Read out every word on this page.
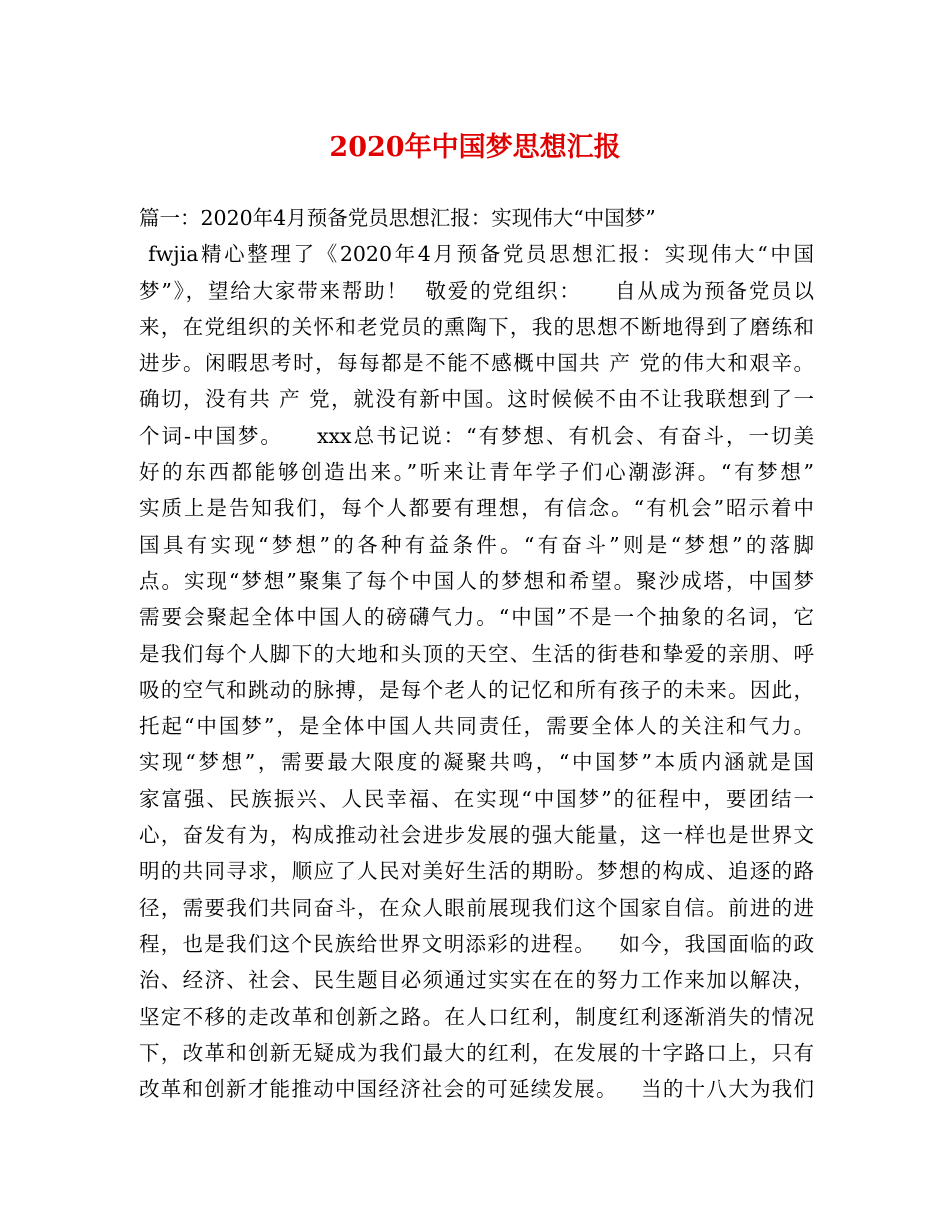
2020年中国梦思想汇报
篇一：2020年4月预备党员思想汇报：实现伟大“中国梦”
fwjia精心整理了《2020年4月预备党员思想汇报：实现伟大“中国
梦”》，望给大家带来帮助！  敬爱的党组织：    自从成为预备党员以
来，在党组织的关怀和老党员的熏陶下，我的思想不断地得到了磨练和
进步。闲暇思考时，每每都是不能不感概中国共 产 党的伟大和艰辛。
确切，没有共 产 党，就没有新中国。这时候候不由不让我联想到了一
个词-中国梦。    xxx总书记说：“有梦想、有机会、有奋斗，一切美
好的东西都能够创造出来。”听来让青年学子们心潮澎湃。“有梦想”
实质上是告知我们，每个人都要有理想，有信念。“有机会”昭示着中
国具有实现“梦想”的各种有益条件。“有奋斗”则是“梦想”的落脚
点。实现“梦想”聚集了每个中国人的梦想和希望。聚沙成塔，中国梦
需要会聚起全体中国人的磅礴气力。“中国”不是一个抽象的名词，它
是我们每个人脚下的大地和头顶的天空、生活的街巷和挚爱的亲朋、呼
吸的空气和跳动的脉搏，是每个老人的记忆和所有孩子的未来。因此，
托起“中国梦”，是全体中国人共同责任，需要全体人的关注和气力。
实现“梦想”，需要最大限度的凝聚共鸣，“中国梦”本质内涵就是国
家富强、民族振兴、人民幸福、在实现“中国梦”的征程中，要团结一
心，奋发有为，构成推动社会进步发展的强大能量，这一样也是世界文
明的共同寻求，顺应了人民对美好生活的期盼。梦想的构成、追逐的路
径，需要我们共同奋斗，在众人眼前展现我们这个国家自信。前进的进
程，也是我们这个民族给世界文明添彩的进程。   如今，我国面临的政
治、经济、社会、民生题目必须通过实实在在的努力工作来加以解决，
坚定不移的走改革和创新之路。在人口红利，制度红利逐渐消失的情况
下，改革和创新无疑成为我们最大的红利，在发展的十字路口上，只有
改革和创新才能推动中国经济社会的可延续发展。   当的十八大为我们
